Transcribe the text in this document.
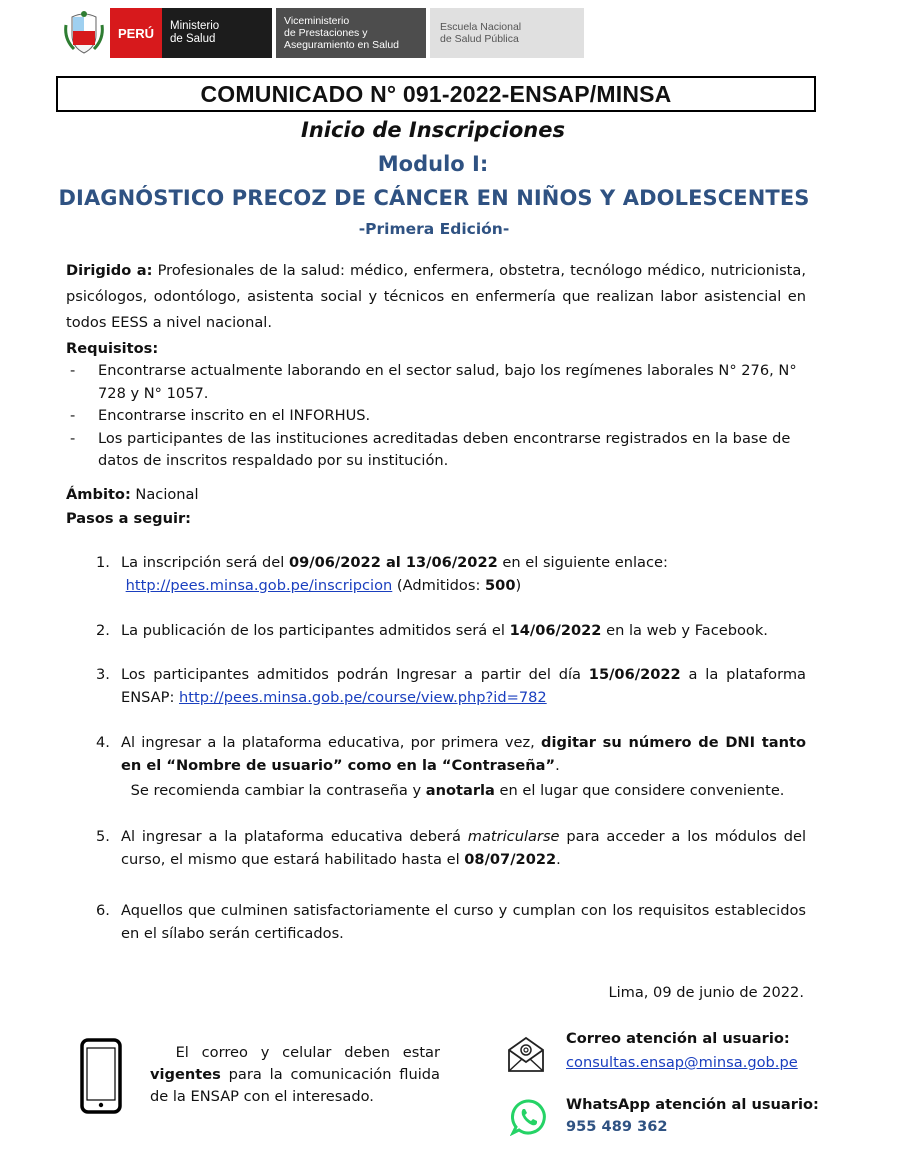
PERÚ	Ministerio
de Salud
Viceministerio
de Prestaciones y
Aseguramiento en Salud
Escuela Nacional
de Salud Pública
COMUNICADO N° 091-2022-ENSAP/MINSA
Inicio de Inscripciones
Modulo I:
DIAGNÓSTICO PRECOZ DE CÁNCER EN NIÑOS Y ADOLESCENTES
-Primera Edición-
Dirigido a: Profesionales de la salud: médico, enfermera, obstetra, tecnólogo médico, nutricionista, psicólogos, odontólogo, asistenta social y técnicos en enfermería que realizan labor asistencial en todos EESS a nivel nacional.
Requisitos:
-	Encontrarse actualmente laborando en el sector salud, bajo los regímenes laborales N° 276, N° 728 y N° 1057.
-	Encontrarse inscrito en el INFORHUS.
-	Los participantes de las instituciones acreditadas deben encontrarse registrados en la base de datos de inscritos respaldado por su institución.
Ámbito: Nacional
Pasos a seguir:
1. La inscripción será del 09/06/2022 al 13/06/2022 en el siguiente enlace:
http://pees.minsa.gob.pe/inscripcion (Admitidos: 500)
2. La publicación de los participantes admitidos será el 14/06/2022 en la web y Facebook.
3. Los participantes admitidos podrán Ingresar a partir del día 15/06/2022 a la plataforma ENSAP: http://pees.minsa.gob.pe/course/view.php?id=782
4. Al ingresar a la plataforma educativa, por primera vez, digitar su número de DNI tanto en el “Nombre de usuario” como en la “Contraseña”.
Se recomienda cambiar la contraseña y anotarla en el lugar que considere conveniente.
5. Al ingresar a la plataforma educativa deberá matricularse para acceder a los módulos del curso, el mismo que estará habilitado hasta el 08/07/2022.
6. Aquellos que culminen satisfactoriamente el curso y cumplan con los requisitos establecidos en el sílabo serán certificados.
Lima, 09 de junio de 2022.
El correo y celular deben estar vigentes para la comunicación fluida de la ENSAP con el interesado.
Correo atención al usuario:
consultas.ensap@minsa.gob.pe
WhatsApp atención al usuario:
955 489 362
